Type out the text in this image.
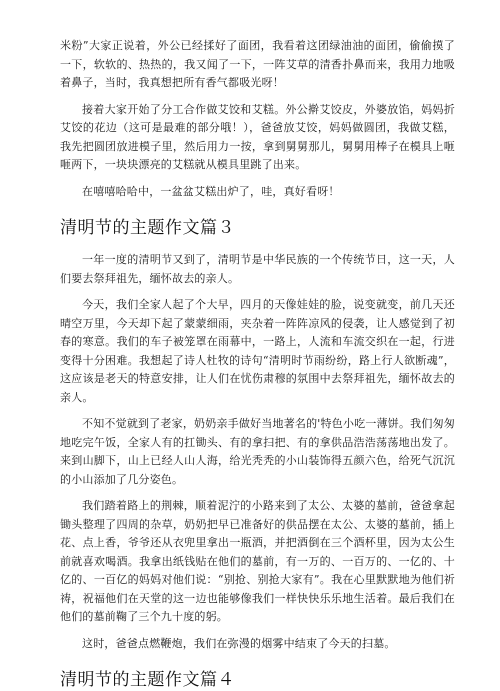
米粉”大家正说着，外公已经揉好了面团，我看着这团绿油油的面团，偷偷摸了一下，软软的、热热的，我又闻了一下，一阵艾草的清香扑鼻而来，我用力地吸着鼻子，当时，我真想把所有香气都吸光呀！

接着大家开始了分工合作做艾饺和艾糕。外公擀艾饺皮，外婆放馅，妈妈折艾饺的花边（这可是最难的部分哦！），爸爸放艾饺，妈妈做圆团，我做艾糕，我先把圆团放进模子里，然后用力一按，拿到舅舅那儿，舅舅用棒子在模具上咂咂两下，一块块漂亮的艾糕就从模具里跳了出来。

在嘻嘻哈哈中，一盆盆艾糕出炉了，哇，真好看呀！

清明节的主题作文篇３

一年一度的清明节又到了，清明节是中华民族的一个传统节日，这一天，人们要去祭拜祖先，缅怀故去的亲人。

今天，我们全家人起了个大早，四月的天像娃娃的脸，说变就变，前几天还晴空万里，今天却下起了蒙蒙细雨，夹杂着一阵阵凉风的侵袭，让人感觉到了初春的寒意。我们的车子被笼罩在雨幕中，一路上，人流和车流交织在一起，行进变得十分困难。我想起了诗人杜牧的诗句“清明时节雨纷纷，路上行人欲断魂”，这应该是老天的特意安排，让人们在忧伤肃穆的氛围中去祭拜祖先，缅怀故去的亲人。

不知不觉就到了老家，奶奶亲手做好当地著名的'特色小吃一薄饼。我们匆匆地吃完午饭，全家人有的扛锄头、有的拿扫把、有的拿供品浩浩荡荡地出发了。来到山脚下，山上已经人山人海，给光秃秃的小山装饰得五颜六色，给死气沉沉的小山添加了几分姿色。

我们踏着路上的荆棘，顺着泥泞的小路来到了太公、太婆的墓前，爸爸拿起锄头整理了四周的杂草，奶奶把早已准备好的供品摆在太公、太婆的墓前，插上花、点上香，爷爷还从衣兜里拿出一瓶酒，并把酒倒在三个酒杯里，因为太公生前就喜欢喝酒。我拿出纸钱贴在他们的墓前，有一万的、一百万的、一亿的、十亿的、一百亿的妈妈对他们说：“别抢、别抢大家有”。我在心里默默地为他们祈祷，祝福他们在天堂的这一边也能够像我们一样快快乐乐地生活着。最后我们在他们的墓前鞠了三个九十度的躬。

这时，爸爸点燃鞭炮，我们在弥漫的烟雾中结束了今天的扫墓。

清明节的主题作文篇４
